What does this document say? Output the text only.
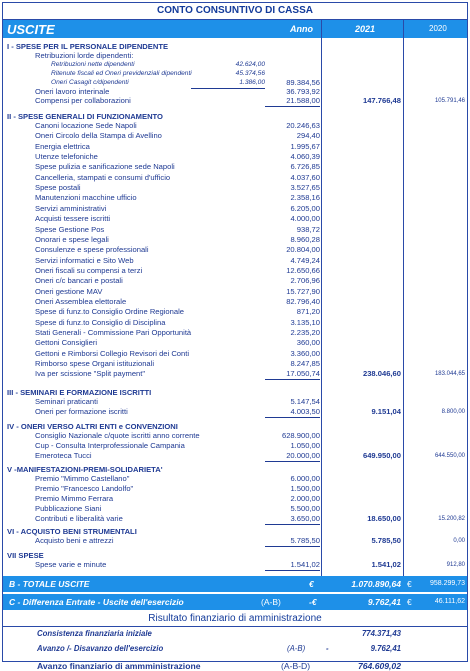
CONTO CONSUNTIVO DI CASSA
USCITE	Anno	2021	2020
I - SPESE PER IL PERSONALE DIPENDENTE
Retribuzioni lorde dipendenti:
Retribuzioni nette dipendenti	42.624,00
Ritenute fiscali ed Oneri previdenziali dipendenti	45.374,56
Oneri Casagit c/dipendenti	1.386,00	89.384,56
Oneri lavoro interinale	36.793,92
Compensi per collaborazioni	21.588,00	147.766,48	105.791,46
II - SPESE GENERALI DI FUNZIONAMENTO
Canoni locazione Sede Napoli	20.246,63
Oneri Circolo della Stampa di Avellino	294,40
Energia elettrica	1.995,67
Utenze telefoniche	4.060,39
Spese pulizia e sanificazione sede Napoli	6.726,85
Cancelleria, stampati e consumi d'ufficio	4.037,60
Spese postali	3.527,65
Manutenzioni macchine ufficio	2.358,16
Servizi amministrativi	6.205,00
Acquisti tessere iscritti	4.000,00
Spese Gestione Pos	938,72
Onorari e spese legali	8.960,28
Consulenze e spese professionali	20.804,00
Servizi informatici e Sito Web	4.749,24
Oneri fiscali su compensi a terzi	12.650,66
Oneri c/c bancari e postali	2.706,96
Oneri gestione MAV	15.727,90
Oneri Assemblea elettorale	82.796,40
Spese di funz.to Consiglio Ordine Regionale	871,20
Spese di funz.to Consiglio di Disciplina	3.135,10
Stati Generali - Commissione Pari Opportunità	2.235,20
Gettoni Consiglieri	360,00
Gettoni e Rimborsi Collegio Revisori dei Conti	3.360,00
Rimborso spese Organi istituzionali	8.247,85
Iva per scissione "Split payment"	17.050,74	238.046,60	183.044,65
III - SEMINARI E FORMAZIONE ISCRITTI
Seminari praticanti	5.147,54
Oneri per formazione iscritti	4.003,50	9.151,04	8.800,00
IV - ONERI VERSO ALTRI ENTI e CONVENZIONI
Consiglio Nazionale c/quote iscritti anno corrente	628.900,00
Cup - Consulta Interprofessionale Campania	1.050,00
Emeroteca Tucci	20.000,00	649.950,00	644.550,00
V -MANIFESTAZIONI-PREMI-SOLIDARIETA'
Premio "Mimmo Castellano"	6.000,00
Premio "Francesco Landolfo"	1.500,00
Premio Mimmo Ferrara	2.000,00
Pubblicazione Siani	5.500,00
Contributi e liberalità varie	3.650,00	18.650,00	15.200,82
VI - ACQUISTO BENI STRUMENTALI
Acquisto beni e attrezzi	5.785,50	5.785,50	0,00
VII SPESE
Spese varie e minute	1.541,02	1.541,02	912,80
B - TOTALE USCITE	€	1.070.890,64 €	958.299,73
C - Differenza Entrate - Uscite dell'esercizio	(A-B)	-€	9.762,41 €	46.111,62
Risultato finanziario di amministrazione
Consistenza finanziaria iniziale	774.371,43
Avanzo /- Disavanzo dell'esercizio	(A-B)	-	9.762,41
Avanzo finanziario di ammministrazione	(A-B-D)	764.609,02
